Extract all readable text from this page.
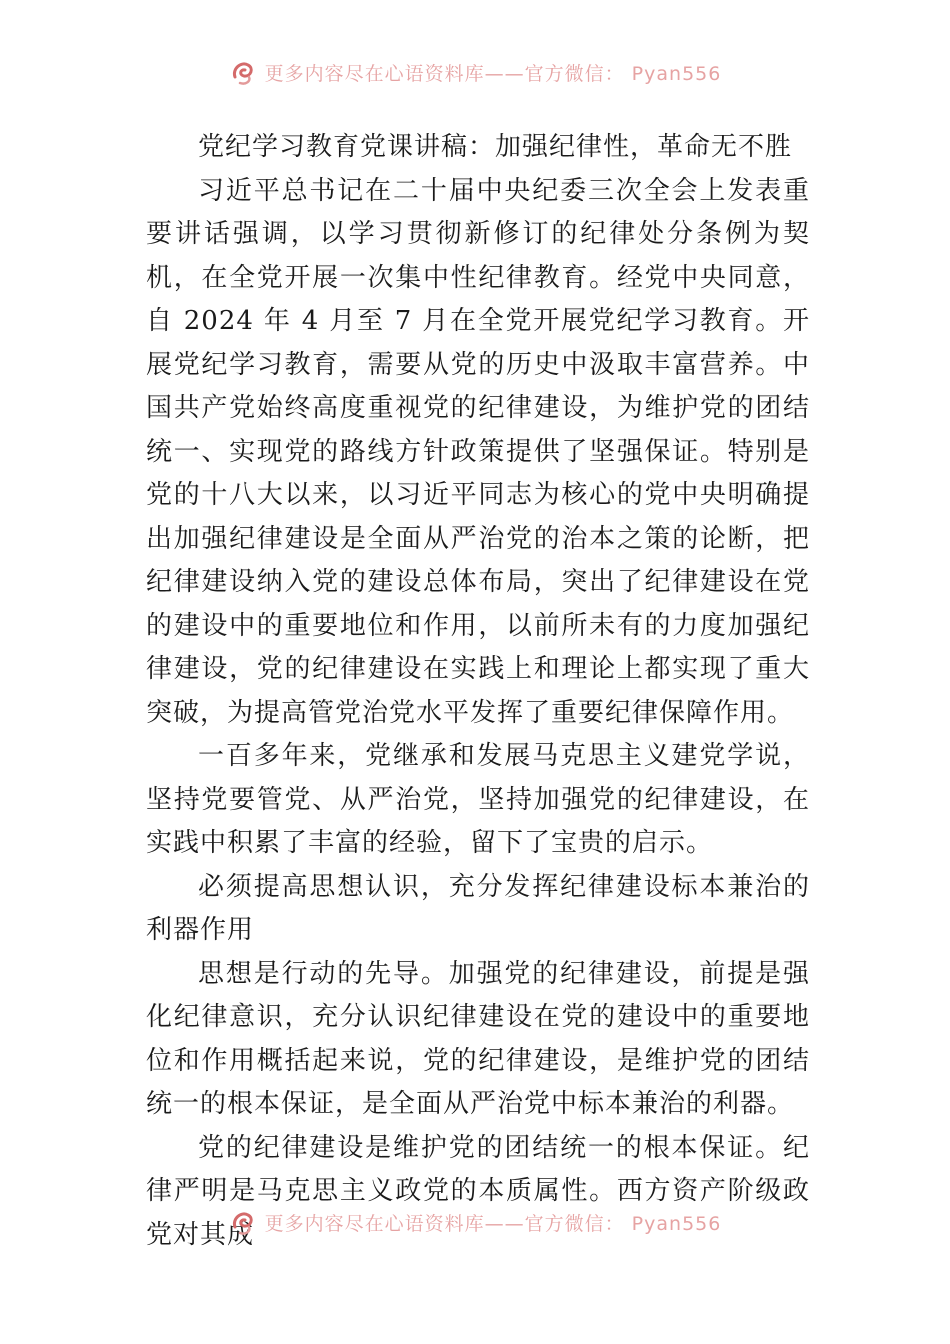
更多内容尽在心语资料库——官方微信： Pyan556

党纪学习教育党课讲稿：加强纪律性，革命无不胜

习近平总书记在二十届中央纪委三次全会上发表重要讲话强调，以学习贯彻新修订的纪律处分条例为契机，在全党开展一次集中性纪律教育。经党中央同意，自 2024 年 4 月至 7 月在全党开展党纪学习教育。开展党纪学习教育，需要从党的历史中汲取丰富营养。中国共产党始终高度重视党的纪律建设，为维护党的团结统一、实现党的路线方针政策提供了坚强保证。特别是党的十八大以来，以习近平同志为核心的党中央明确提出加强纪律建设是全面从严治党的治本之策的论断，把纪律建设纳入党的建设总体布局，突出了纪律建设在党的建设中的重要地位和作用，以前所未有的力度加强纪律建设，党的纪律建设在实践上和理论上都实现了重大突破，为提高管党治党水平发挥了重要纪律保障作用。

一百多年来，党继承和发展马克思主义建党学说，坚持党要管党、从严治党，坚持加强党的纪律建设，在实践中积累了丰富的经验，留下了宝贵的启示。

必须提高思想认识，充分发挥纪律建设标本兼治的利器作用

思想是行动的先导。加强党的纪律建设，前提是强化纪律意识，充分认识纪律建设在党的建设中的重要地位和作用概括起来说，党的纪律建设，是维护党的团结统一的根本保证，是全面从严治党中标本兼治的利器。

党的纪律建设是维护党的团结统一的根本保证。纪律严明是马克思主义政党的本质属性。西方资产阶级政党对其成 更多内容尽在心语资料库——官方微信： Pyan556
